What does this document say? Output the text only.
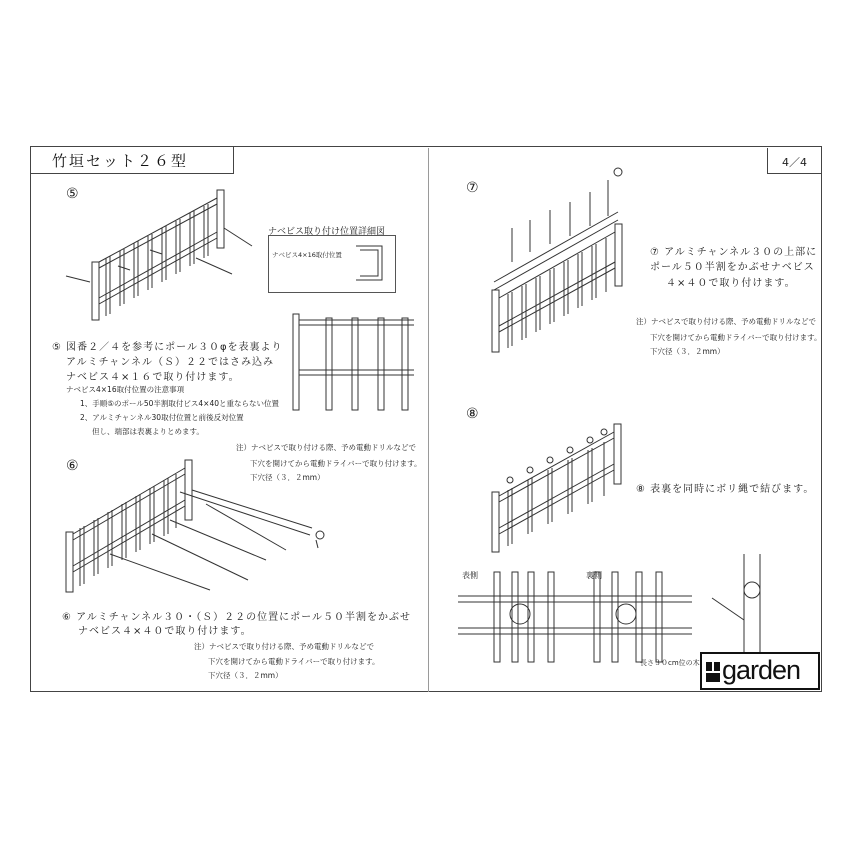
竹垣セット２６型	4／4
⑤
ナベビス取り付け位置詳細図
ナベビス4×16取付位置
⑤ 図番２／４を参考にポール３０φを表裏より
アルミチャンネル（Ｓ）２２ではさみ込み
ナベビス４×１６で取り付けます。
ナベビス4×16取付位置の注意事項
1、手順⑤のポール50半割取付ビス4×40と重ならない位置
2、アルミチャンネル30取付位置と前後反対位置
但し、端部は表裏よりとめます。
注）ナベビスで取り付ける際、予め電動ドリルなどで
下穴を開けてから電動ドライバーで取り付けます。
下穴径（３．２mm）
⑥
⑥ アルミチャンネル３０・（Ｓ）２２の位置にポール５０半割をかぶせ
ナベビス４×４０で取り付けます。
注）ナベビスで取り付ける際、予め電動ドリルなどで
下穴を開けてから電動ドライバーで取り付けます。
下穴径（３．２mm）
⑦
⑦ アルミチャンネル３０の上部に
ポール５０半割をかぶせナベビス
４×４０で取り付けます。
注）ナベビスで取り付ける際、予め電動ドリルなどで
下穴を開けてから電動ドライバーで取り付けます。
下穴径（３．２mm）
⑧
⑧ 表裏を同時にボリ縄で結びます。
表側	裏側
長さ３０cm位の木 garden
